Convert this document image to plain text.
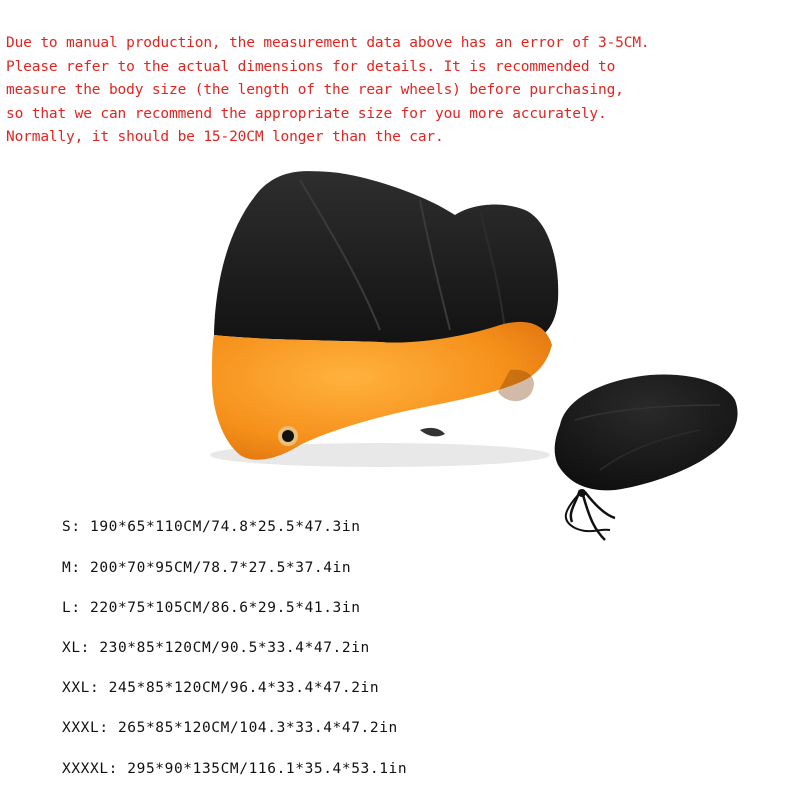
Due to manual production, the measurement data above has an error of 3-5CM.
Please refer to the actual dimensions for details. It is recommended to
measure the body size (the length of the rear wheels) before purchasing,
so that we can recommend the appropriate size for you more accurately.
Normally, it should be 15-20CM longer than the car.
S: 190*65*110CM/74.8*25.5*47.3in
M: 200*70*95CM/78.7*27.5*37.4in
L: 220*75*105CM/86.6*29.5*41.3in
XL: 230*85*120CM/90.5*33.4*47.2in
XXL: 245*85*120CM/96.4*33.4*47.2in
XXXL: 265*85*120CM/104.3*33.4*47.2in
XXXXL: 295*90*135CM/116.1*35.4*53.1in
